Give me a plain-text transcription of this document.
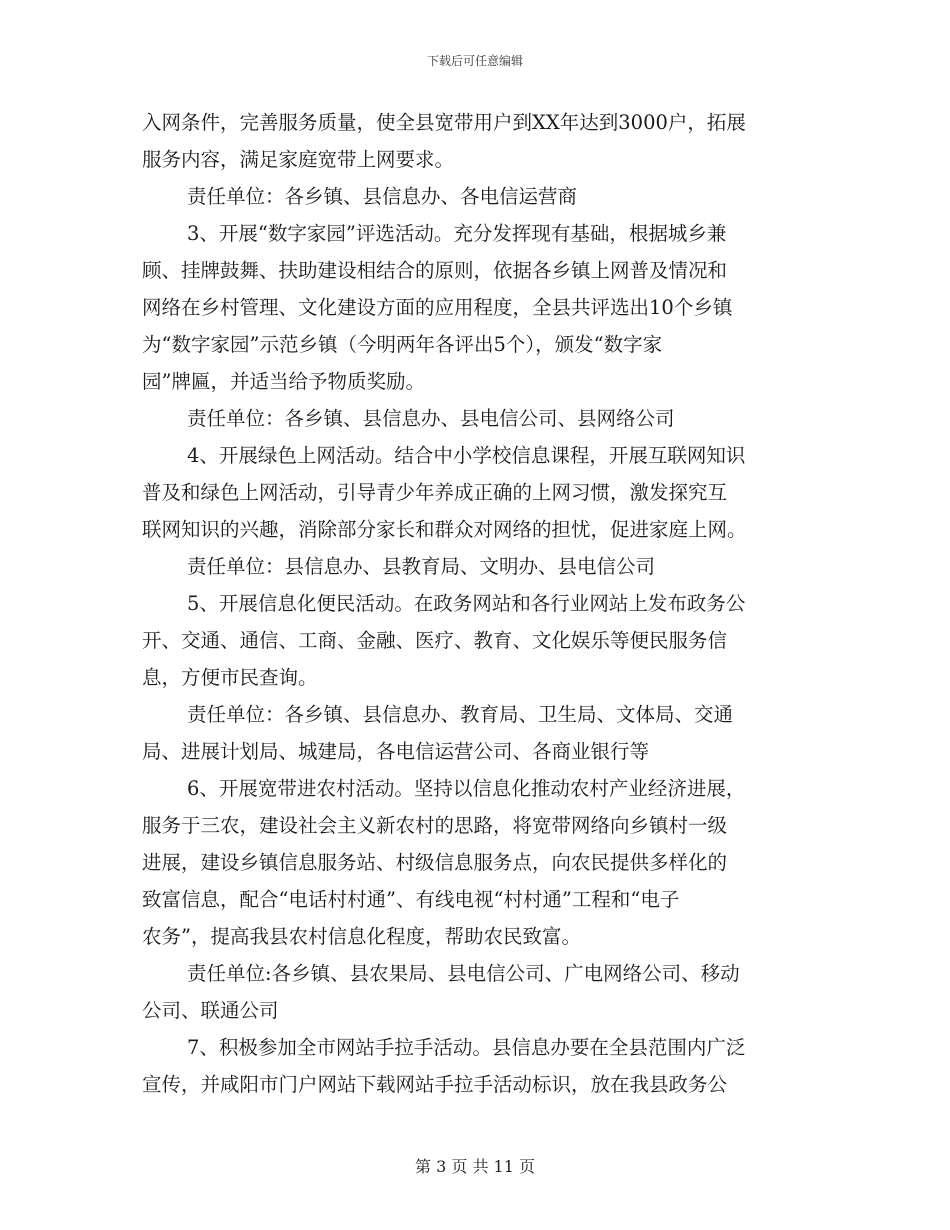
下载后可任意编辑
入网条件，完善服务质量，使全县宽带用户到XX年达到3000户，拓展
服务内容，满足家庭宽带上网要求。
责任单位：各乡镇、县信息办、各电信运营商
3、开展“数字家园”评选活动。充分发挥现有基础，根据城乡兼
顾、挂牌鼓舞、扶助建设相结合的原则，依据各乡镇上网普及情况和
网络在乡村管理、文化建设方面的应用程度，全县共评选出10个乡镇
为“数字家园”示范乡镇（今明两年各评出5个），颁发“数字家
园”牌匾，并适当给予物质奖励。
责任单位：各乡镇、县信息办、县电信公司、县网络公司
4、开展绿色上网活动。结合中小学校信息课程，开展互联网知识
普及和绿色上网活动，引导青少年养成正确的上网习惯，激发探究互
联网知识的兴趣，消除部分家长和群众对网络的担忧，促进家庭上网。
责任单位：县信息办、县教育局、文明办、县电信公司
5、开展信息化便民活动。在政务网站和各行业网站上发布政务公
开、交通、通信、工商、金融、医疗、教育、文化娱乐等便民服务信
息，方便市民查询。
责任单位：各乡镇、县信息办、教育局、卫生局、文体局、交通
局、进展计划局、城建局，各电信运营公司、各商业银行等
6、开展宽带进农村活动。坚持以信息化推动农村产业经济进展，
服务于三农，建设社会主义新农村的思路，将宽带网络向乡镇村一级
进展，建设乡镇信息服务站、村级信息服务点，向农民提供多样化的
致富信息，配合“电话村村通”、有线电视“村村通”工程和“电子
农务”，提高我县农村信息化程度，帮助农民致富。
责任单位:各乡镇、县农果局、县电信公司、广电网络公司、移动
公司、联通公司
7、积极参加全市网站手拉手活动。县信息办要在全县范围内广泛
宣传，并咸阳市门户网站下载网站手拉手活动标识，放在我县政务公
第 3 页 共 11 页
